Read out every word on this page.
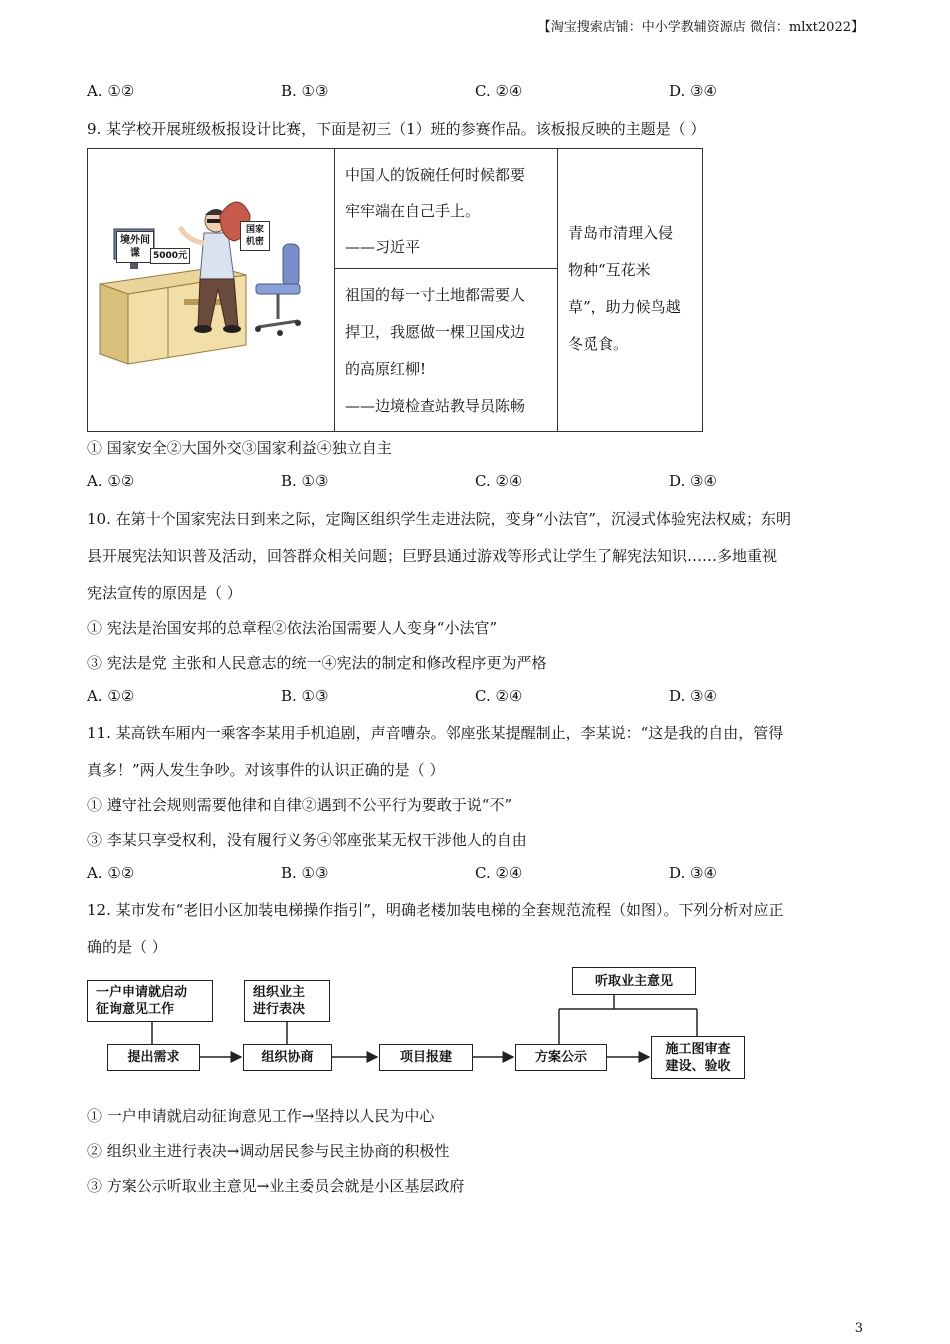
【淘宝搜索店铺：中小学教辅资源店 微信：mlxt2022】
A. ①②	B. ①③	C. ②④	D. ③④
9. 某学校开展班级板报设计比赛，下面是初三（1）班的参赛作品。该板报反映的主题是（ ）
境外间谍
国家机密
5000元
中国人的饭碗任何时候都要
牢牢端在自己手上。
——习近平
祖国的每一寸土地都需要人
捍卫，我愿做一棵卫国戍边
的高原红柳!
——边境检查站教导员陈畅
青岛市清理入侵
物种“互花米
草”，助力候鸟越
冬觅食。
① 国家安全②大国外交③国家利益④独立自主
A. ①②	B. ①③	C. ②④	D. ③④
10. 在第十个国家宪法日到来之际，定陶区组织学生走进法院，变身“小法官”，沉浸式体验宪法权威；东明
县开展宪法知识普及活动，回答群众相关问题；巨野县通过游戏等形式让学生了解宪法知识……多地重视
宪法宣传的原因是（ ）
① 宪法是治国安邦的总章程②依法治国需要人人变身“小法官”
③ 宪法是党 主张和人民意志的统一④宪法的制定和修改程序更为严格
A. ①②	B. ①③	C. ②④	D. ③④
11. 某高铁车厢内一乘客李某用手机追剧，声音嘈杂。邻座张某提醒制止，李某说：“这是我的自由，管得
真多！”两人发生争吵。对该事件的认识正确的是（ ）
① 遵守社会规则需要他律和自律②遇到不公平行为要敢于说“不”
③ 李某只享受权利，没有履行义务④邻座张某无权干涉他人的自由
A. ①②	B. ①③	C. ②④	D. ③④
12. 某市发布“老旧小区加装电梯操作指引”，明确老楼加装电梯的全套规范流程（如图）。下列分析对应正
确的是（ ）
一户申请就启动
征询意见工作
组织业主
进行表决
听取业主意见
提出需求	组织协商	项目报建	方案公示
施工图审查
建设、验收
① 一户申请就启动征询意见工作→坚持以人民为中心
② 组织业主进行表决→调动居民参与民主协商的积极性
③ 方案公示听取业主意见→业主委员会就是小区基层政府
3
